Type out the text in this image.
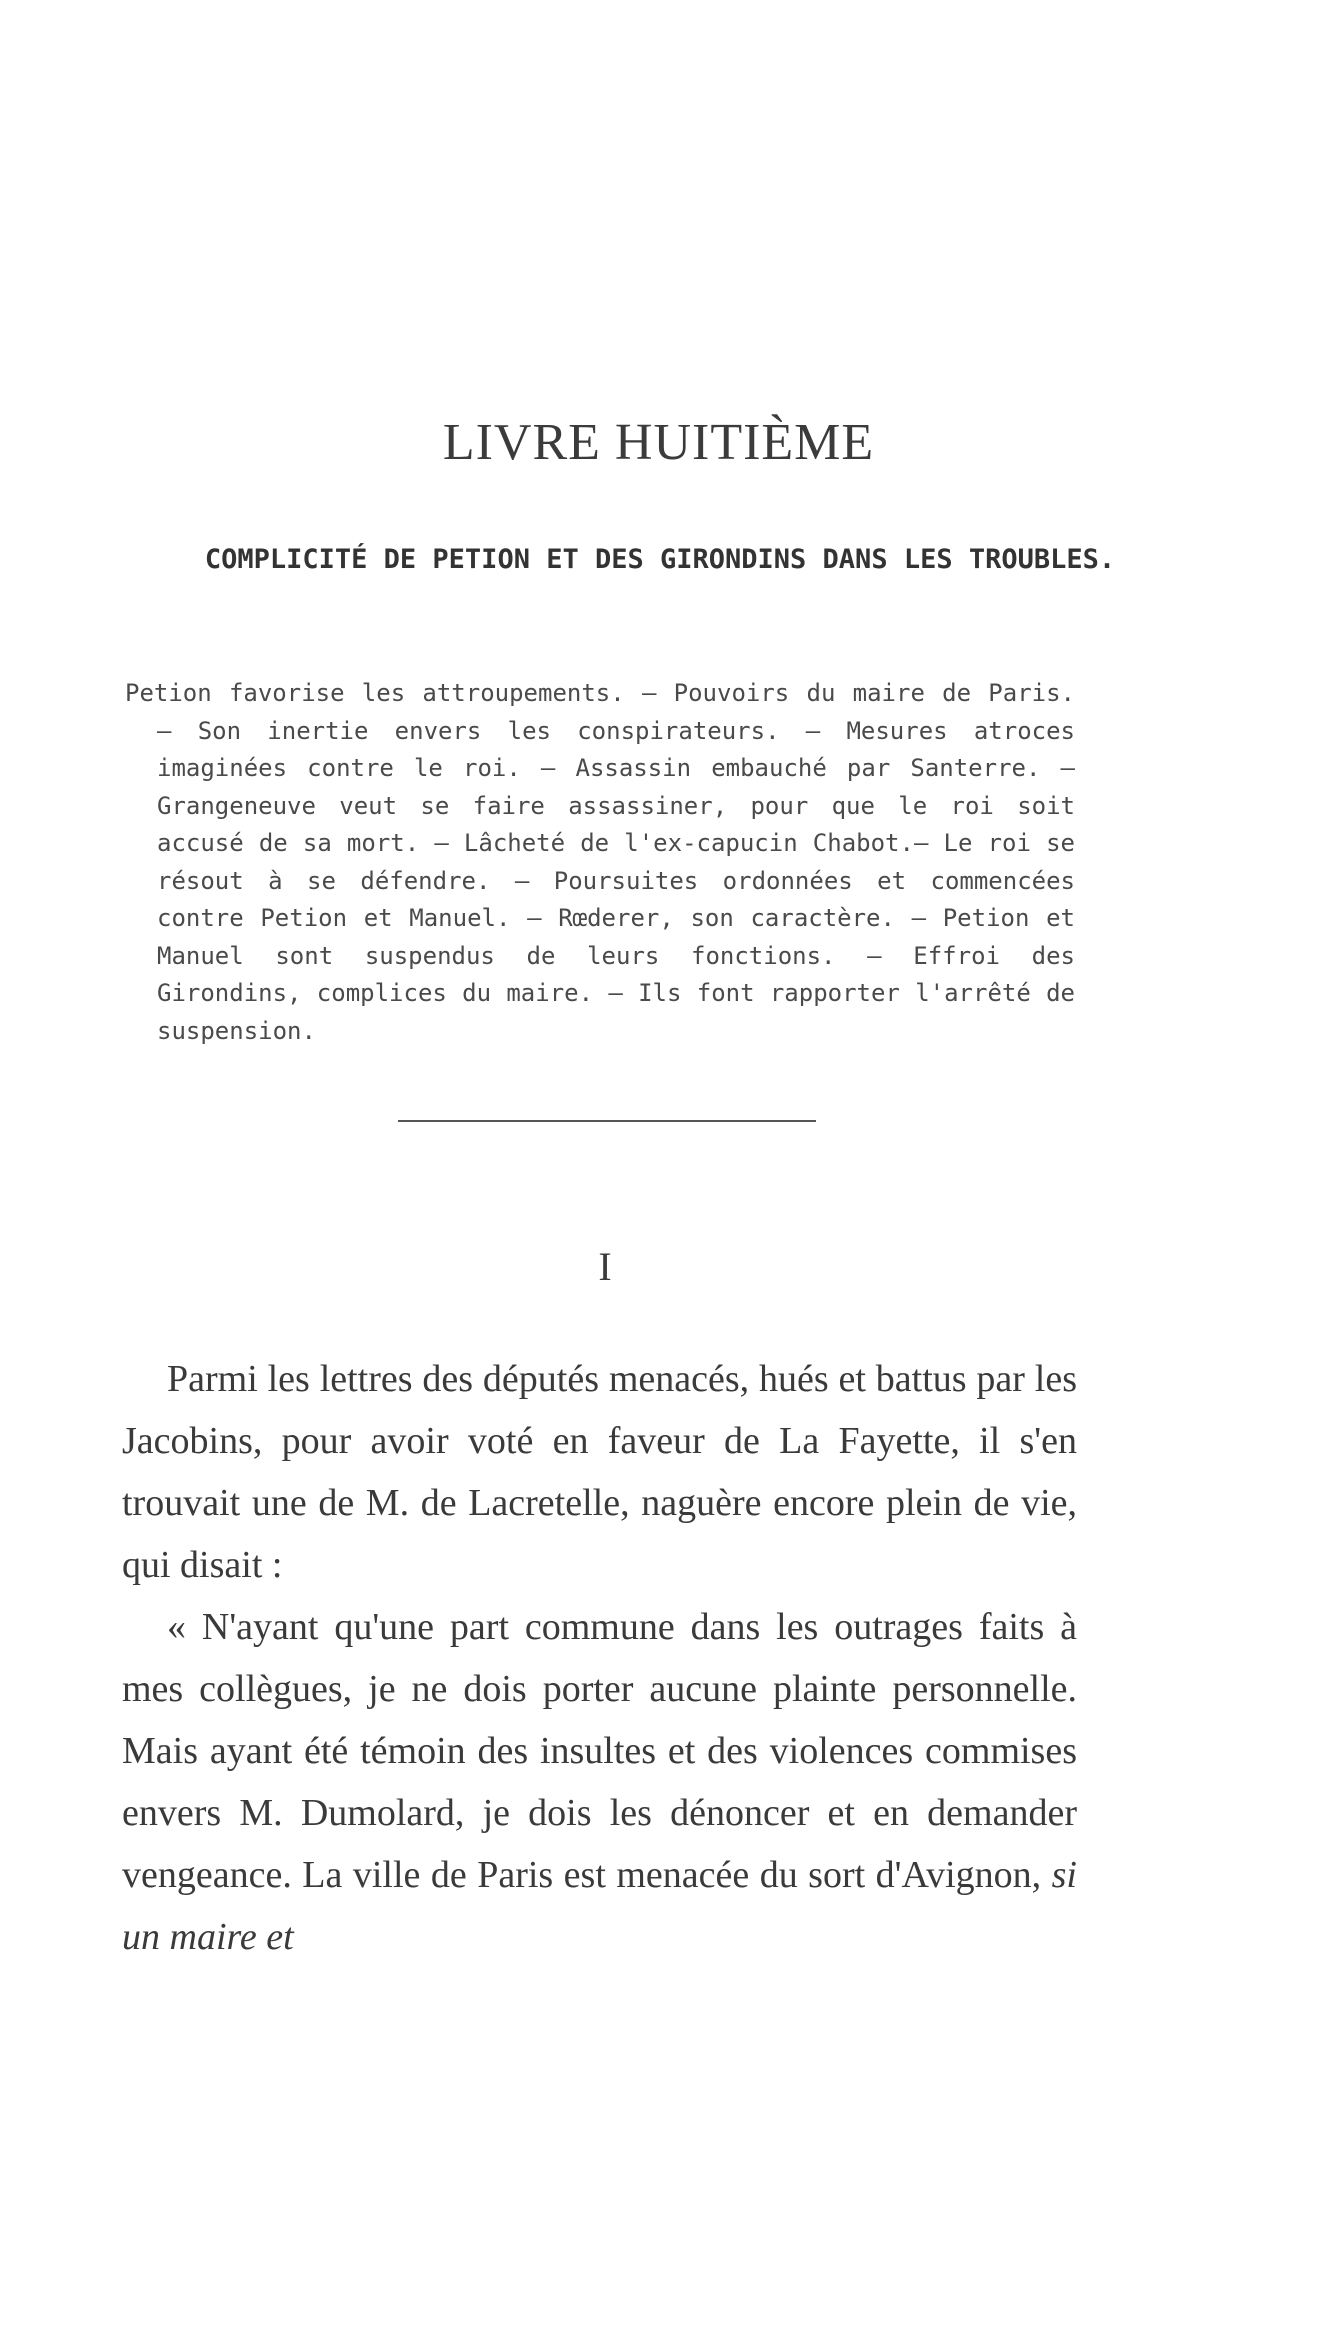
LIVRE HUITIÈME
COMPLICITÉ DE PETION ET DES GIRONDINS DANS LES TROUBLES.

Petion favorise les attroupements. — Pouvoirs du maire de Paris. — Son inertie envers les conspirateurs. — Mesures atroces imaginées contre le roi. — Assassin embauché par Santerre. — Grangeneuve veut se faire assassiner, pour que le roi soit accusé de sa mort. — Lâcheté de l'ex-capucin Chabot.— Le roi se résout à se défendre. — Poursuites ordonnées et commencées contre Petion et Manuel. — Rœderer, son caractère. — Petion et Manuel sont suspendus de leurs fonctions. — Effroi des Girondins, complices du maire. — Ils font rapporter l'arrêté de suspension.

I

Parmi les lettres des députés menacés, hués et battus par les Jacobins, pour avoir voté en faveur de La Fayette, il s'en trouvait une de M. de Lacretelle, naguère encore plein de vie, qui disait :

« N'ayant qu'une part commune dans les outrages faits à mes collègues, je ne dois porter aucune plainte personnelle. Mais ayant été témoin des insultes et des violences commises envers M. Dumolard, je dois les dénoncer et en demander vengeance. La ville de Paris est menacée du sort d'Avignon, si un maire et
